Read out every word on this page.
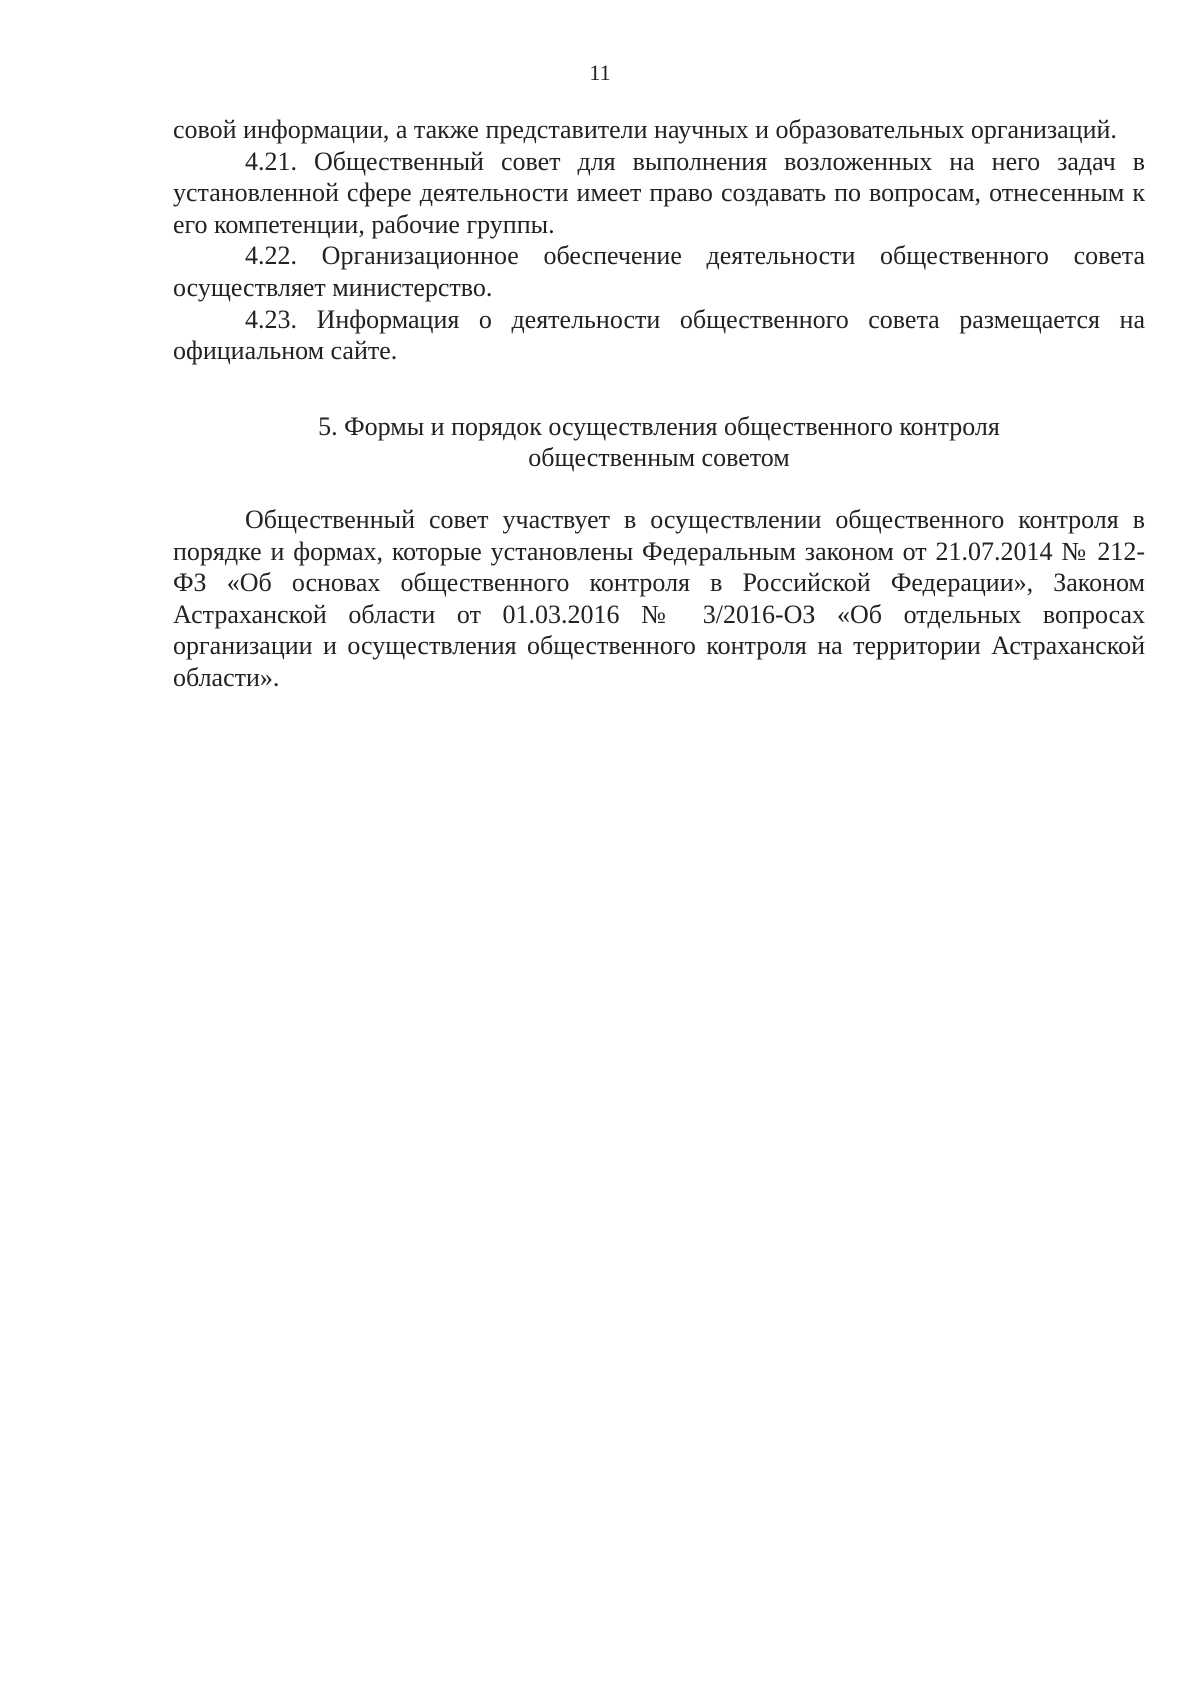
11

совой информации, а также представители научных и образовательных организаций.

4.21. Общественный совет для выполнения возложенных на него задач в установленной сфере деятельности имеет право создавать по вопросам, отнесенным к его компетенции, рабочие группы.

4.22. Организационное обеспечение деятельности общественного совета осуществляет министерство.

4.23. Информация о деятельности общественного совета размещается на официальном сайте.

5. Формы и порядок осуществления общественного контроля
общественным советом

Общественный совет участвует в осуществлении общественного контроля в порядке и формах, которые установлены Федеральным законом от 21.07.2014 № 212-ФЗ «Об основах общественного контроля в Российской Федерации», Законом Астраханской области от 01.03.2016 № 3/2016-ОЗ «Об отдельных вопросах организации и осуществления общественного контроля на территории Астраханской области».
